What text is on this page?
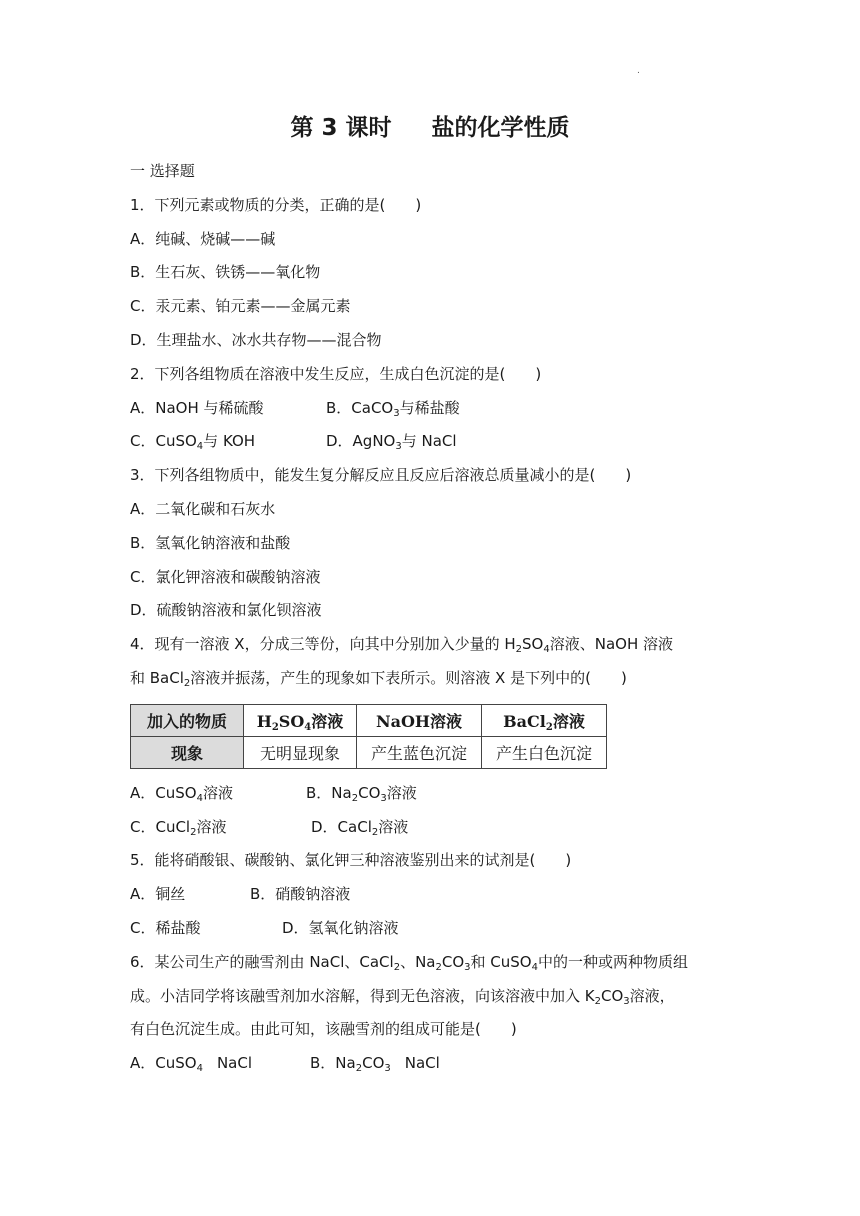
.
第 3 课时 盐的化学性质
一 选择题
1．下列元素或物质的分类，正确的是(　　)
A．纯碱、烧碱——碱
B．生石灰、铁锈——氧化物
C．汞元素、铂元素——金属元素
D．生理盐水、冰水共存物——混合物
2．下列各组物质在溶液中发生反应，生成白色沉淀的是(　　)
A．NaOH 与稀硫酸	B．CaCO$_3$与稀盐酸
C．CuSO$_4$与 KOH	D．AgNO$_3$与 NaCl
3．下列各组物质中，能发生复分解反应且反应后溶液总质量减小的是(　　)
A．二氧化碳和石灰水
B．氢氧化钠溶液和盐酸
C．氯化钾溶液和碳酸钠溶液
D．硫酸钠溶液和氯化钡溶液
4．现有一溶液 X，分成三等份，向其中分别加入少量的 $H_2SO_4$溶液、NaOH 溶液
和 BaCl$_2$溶液并振荡，产生的现象如下表所示。则溶液 X 是下列中的(　　)
加入的物质	$H_2SO_4$溶液	NaOH溶液	BaCl$_2$溶液
现象	无明显现象	产生蓝色沉淀	产生白色沉淀
A．CuSO$_4$溶液	B．$Na_2CO_3$溶液
C．CuCl$_2$溶液	D．CaCl$_2$溶液
5．能将硝酸银、碳酸钠、氯化钾三种溶液鉴别出来的试剂是(　　)
A．铜丝	B．硝酸钠溶液
C．稀盐酸	D．氢氧化钠溶液
6．某公司生产的融雪剂由 NaCl、CaCl$_2$、$Na_2CO_3$和 CuSO$_4$中的一种或两种物质组
成。小洁同学将该融雪剂加水溶解，得到无色溶液，向该溶液中加入 $K_2CO_3$溶液，
有白色沉淀生成。由此可知，该融雪剂的组成可能是(　　)
A．CuSO$_4$ NaCl	B．$Na_2CO_3$ NaCl
